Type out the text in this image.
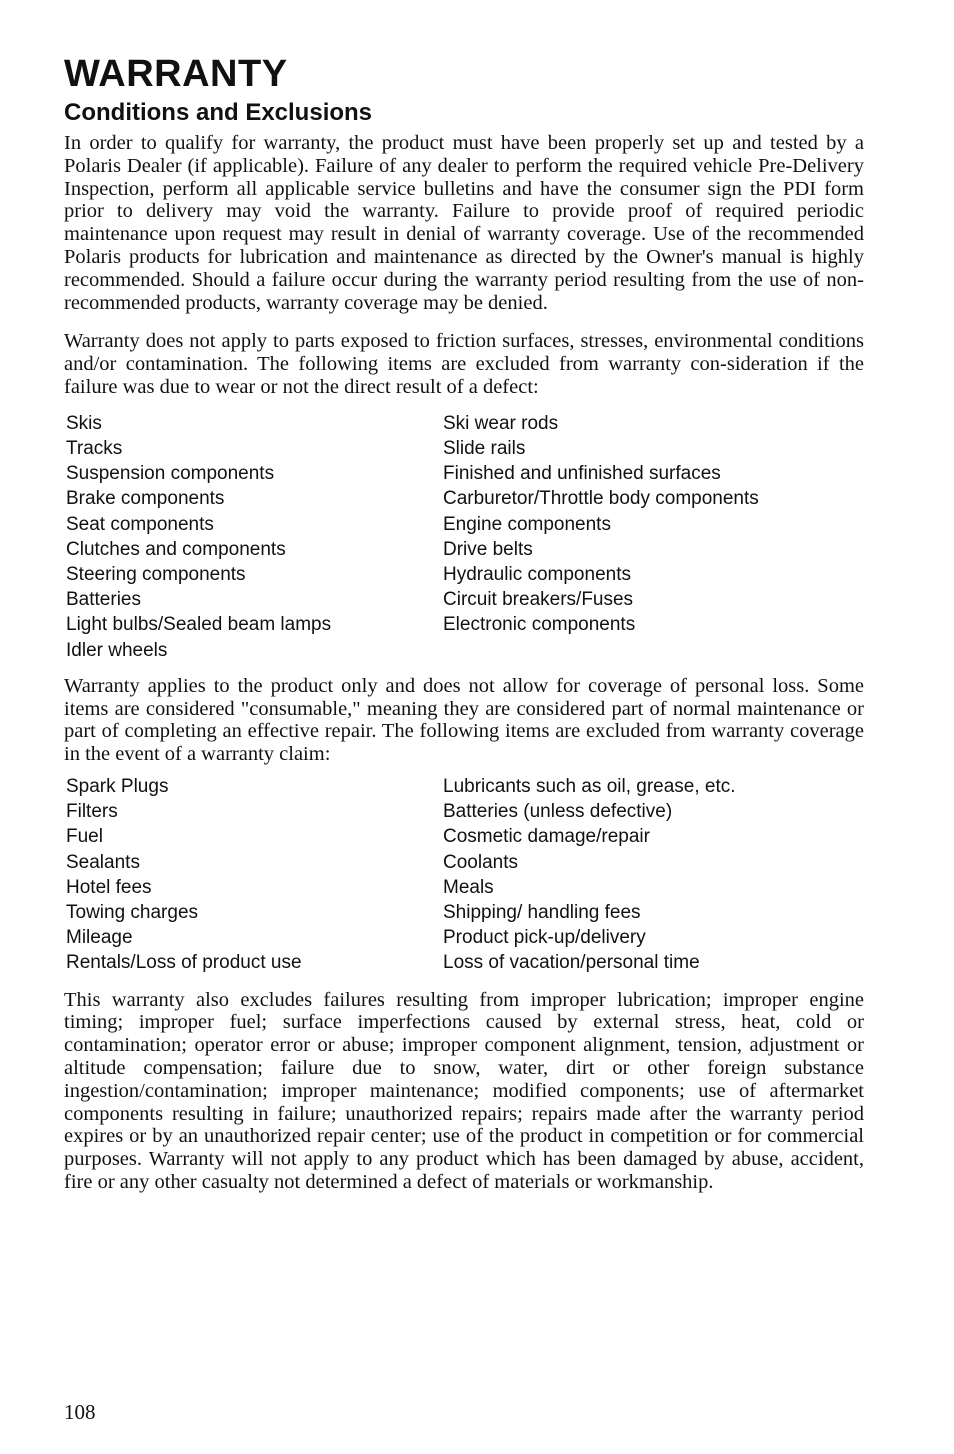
WARRANTY
Conditions and Exclusions

In order to qualify for warranty, the product must have been properly set up and tested by a Polaris Dealer (if applicable). Failure of any dealer to perform the required vehicle Pre-Delivery Inspection, perform all applicable service bulletins and have the consumer sign the PDI form prior to delivery may void the warranty. Failure to provide proof of required periodic maintenance upon request may result in denial of warranty coverage. Use of the recommended Polaris products for lubrication and maintenance as directed by the Owner's manual is highly recommended. Should a failure occur during the warranty period resulting from the use of non-recommended products, warranty coverage may be denied.

Warranty does not apply to parts exposed to friction surfaces, stresses, environmental conditions and/or contamination. The following items are excluded from warranty con-sideration if the failure was due to wear or not the direct result of a defect:

Skis	Ski wear rods
Tracks	Slide rails
Suspension components	Finished and unfinished surfaces
Brake components	Carburetor/Throttle body components
Seat components	Engine components
Clutches and components	Drive belts
Steering components	Hydraulic components
Batteries	Circuit breakers/Fuses
Light bulbs/Sealed beam lamps	Electronic components
Idler wheels

Warranty applies to the product only and does not allow for coverage of personal loss. Some items are considered "consumable," meaning they are considered part of normal maintenance or part of completing an effective repair. The following items are excluded from warranty coverage in the event of a warranty claim:

Spark Plugs	Lubricants such as oil, grease, etc.
Filters	Batteries (unless defective)
Fuel	Cosmetic damage/repair
Sealants	Coolants
Hotel fees	Meals
Towing charges	Shipping/ handling fees
Mileage	Product pick-up/delivery
Rentals/Loss of product use	Loss of vacation/personal time

This warranty also excludes failures resulting from improper lubrication; improper engine timing; improper fuel; surface imperfections caused by external stress, heat, cold or contamination; operator error or abuse; improper component alignment, tension, adjustment or altitude compensation; failure due to snow, water, dirt or other foreign substance ingestion/contamination; improper maintenance; modified components; use of aftermarket components resulting in failure; unauthorized repairs; repairs made after the warranty period expires or by an unauthorized repair center; use of the product in competition or for commercial purposes. Warranty will not apply to any product which has been damaged by abuse, accident, fire or any other casualty not determined a defect of materials or workmanship.

108
